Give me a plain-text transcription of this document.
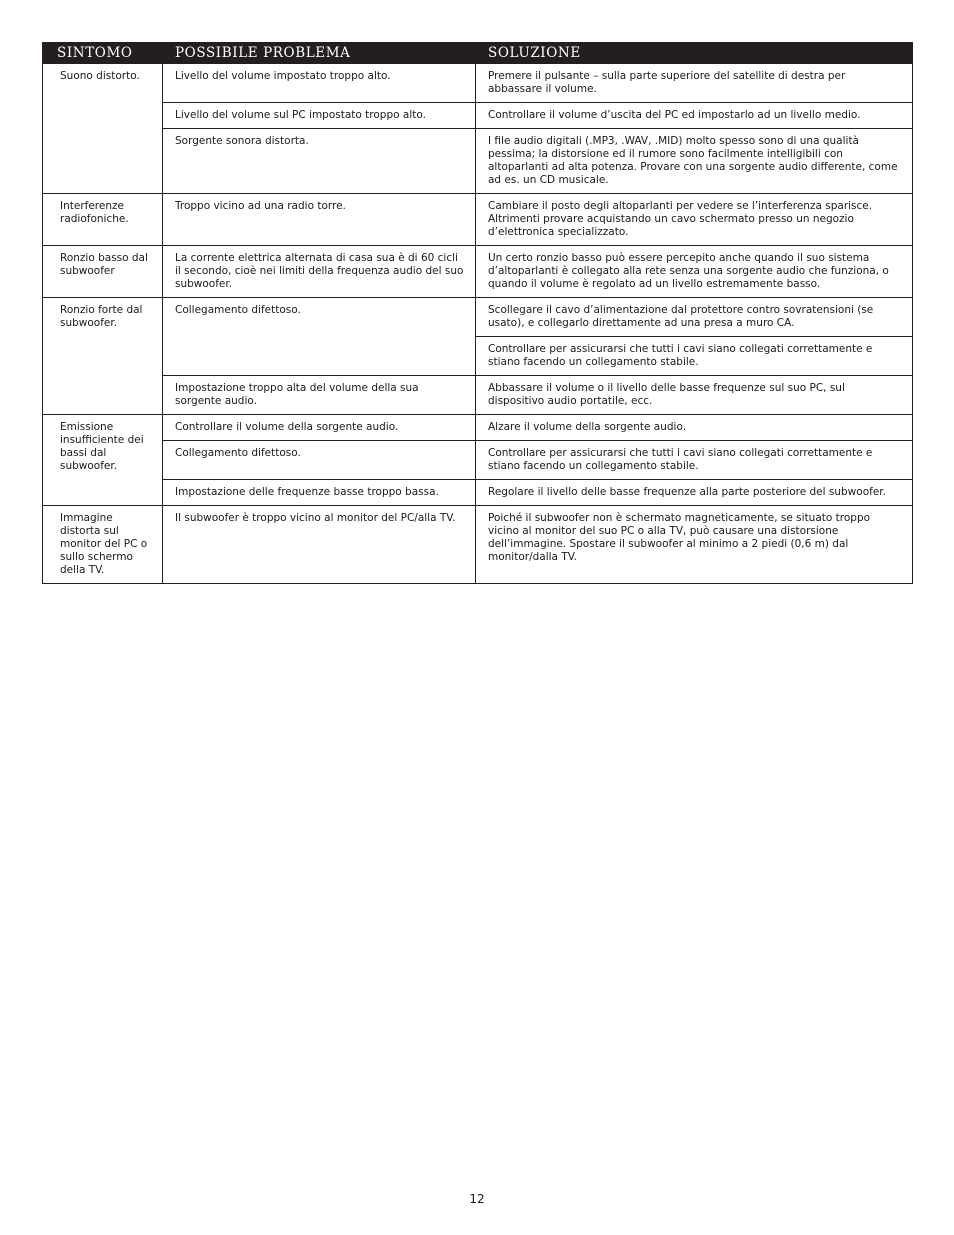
SINTOMO	POSSIBILE PROBLEMA	SOLUZIONE
Suono distorto.	Livello del volume impostato troppo alto.	Premere il pulsante – sulla parte superiore del satellite di destra per abbassare il volume.
	Livello del volume sul PC impostato troppo alto.	Controllare il volume d’uscita del PC ed impostarlo ad un livello medio.
	Sorgente sonora distorta.	I file audio digitali (.MP3, .WAV, .MID) molto spesso sono di una qualità pessima; la distorsione ed il rumore sono facilmente intelligibili con altoparlanti ad alta potenza. Provare con una sorgente audio differente, come ad es. un CD musicale.
Interferenze radiofoniche.	Troppo vicino ad una radio torre.	Cambiare il posto degli altoparlanti per vedere se l’interferenza sparisce. Altrimenti provare acquistando un cavo schermato presso un negozio d’elettronica specializzato.
Ronzio basso dal subwoofer	La corrente elettrica alternata di casa sua è di 60 cicli il secondo, cioè nei limiti della frequenza audio del suo subwoofer.	Un certo ronzio basso può essere percepito anche quando il suo sistema d’altoparlanti è collegato alla rete senza una sorgente audio che funziona, o quando il volume è regolato ad un livello estremamente basso.
Ronzio forte dal subwoofer.	Collegamento difettoso.	Scollegare il cavo d’alimentazione dal protettore contro sovratensioni (se usato), e collegarlo direttamente ad una presa a muro CA.
		Controllare per assicurarsi che tutti i cavi siano collegati correttamente e stiano facendo un collegamento stabile.
	Impostazione troppo alta del volume della sua sorgente audio.	Abbassare il volume o il livello delle basse frequenze sul suo PC, sul dispositivo audio portatile, ecc.
Emissione insufficiente dei bassi dal subwoofer.	Controllare il volume della sorgente audio.	Alzare il volume della sorgente audio.
	Collegamento difettoso.	Controllare per assicurarsi che tutti i cavi siano collegati correttamente e stiano facendo un collegamento stabile.
	Impostazione delle frequenze basse troppo bassa.	Regolare il livello delle basse frequenze alla parte posteriore del subwoofer.
Immagine distorta sul monitor del PC o sullo schermo della TV.	Il subwoofer è troppo vicino al monitor del PC/alla TV.	Poiché il subwoofer non è schermato magneticamente, se situato troppo vicino al monitor del suo PC o alla TV, può causare una distorsione dell’immagine. Spostare il subwoofer al minimo a 2 piedi (0,6 m) dal monitor/dalla TV.
12
